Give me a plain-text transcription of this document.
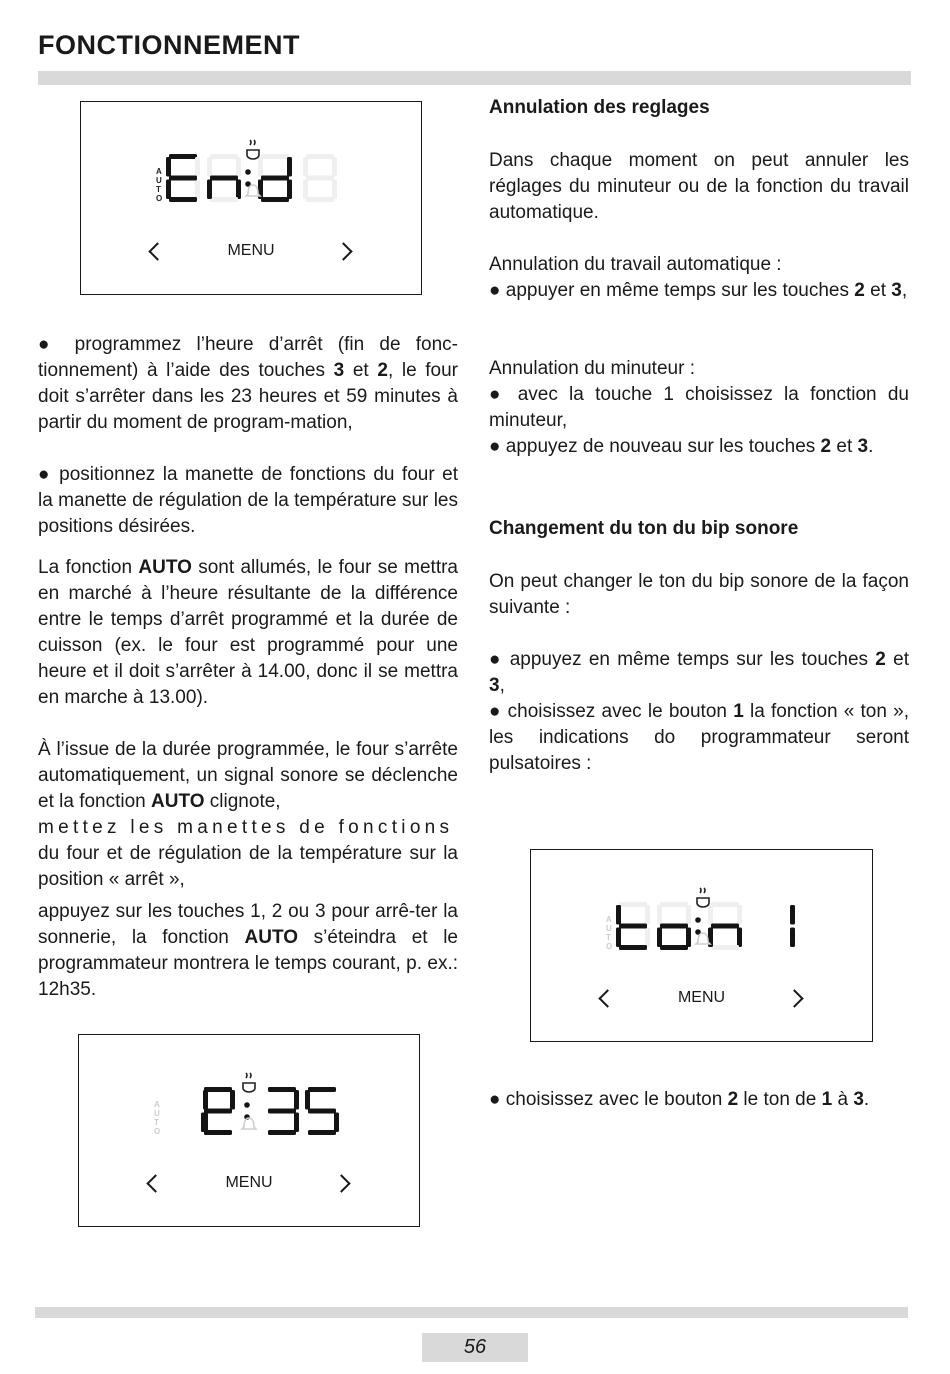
FONCTIONNEMENT
A
U
T
O
MENU

● programmez l’heure d’arrêt (fin de fonc-tionnement) à l’aide des touches 3 et 2, le four doit s’arrêter dans les 23 heures et 59 minutes à partir du moment de program-mation,

● positionnez la manette de fonctions du four et la manette de régulation de la température sur les positions désirées.

La fonction AUTO sont allumés, le four se mettra en marché à l’heure résultante de la différence entre le temps d’arrêt programmé et la durée de cuisson (ex. le four est programmé pour une heure et il doit s’arrêter à 14.00, donc il se mettra en marche à 13.00).

À l’issue de la durée programmée, le four s’arrête automatiquement, un signal sonore se déclenche et la fonction AUTO clignote,

mettez les manettes de fonctions
du four et de régulation de la température sur la position « arrêt »,

appuyez sur les touches 1, 2 ou 3 pour arrê-ter la sonnerie, la fonction AUTO s’éteindra et le programmateur montrera le temps courant, p. ex.: 12h35.

A
U
T
O
MENU
Annulation des reglages

Dans chaque moment on peut annuler les réglages du minuteur ou de la fonction du travail automatique.

Annulation du travail automatique :
● appuyer en même temps sur les touches 2 et 3,

Annulation du minuteur :
● avec la touche 1 choisissez la fonction du minuteur,
● appuyez de nouveau sur les touches 2 et 3.

Changement du ton du bip sonore

On peut changer le ton du bip sonore de la façon suivante :

● appuyez en même temps sur les touches 2 et 3,
● choisissez avec le bouton 1 la fonction « ton », les indications do programmateur seront pulsatoires :

A
U
T
O
MENU

● choisissez avec le bouton 2 le ton de 1 à 3.

56
